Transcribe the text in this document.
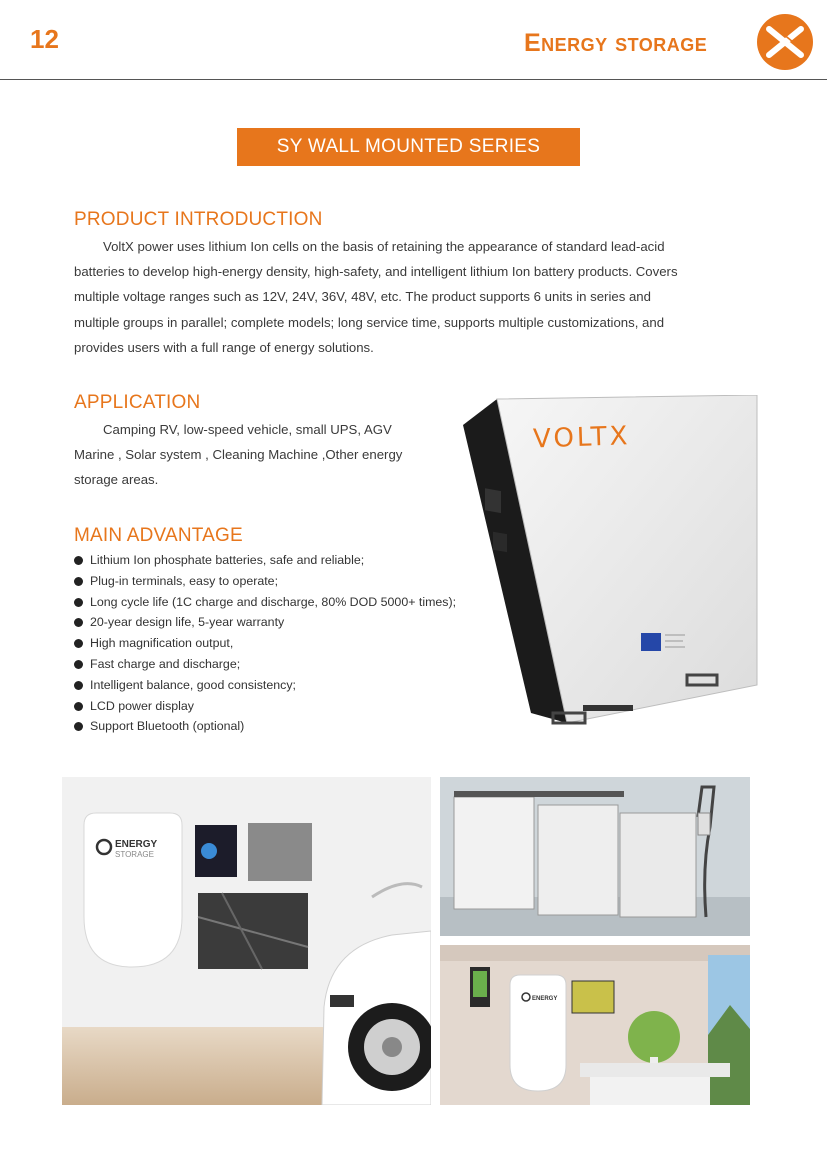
12	Energy storage
SY WALL MOUNTED SERIES
PRODUCT INTRODUCTION

VoltX power uses lithium Ion cells on the basis of retaining the appearance of standard lead-acid
batteries to develop high-energy density, high-safety, and intelligent lithium Ion battery products. Covers
multiple voltage ranges such as 12V, 24V, 36V, 48V, etc. The product supports 6 units in series and
multiple groups in parallel; complete models; long service time, supports multiple customizations, and
provides users with a full range of energy solutions.

APPLICATION

Camping RV, low-speed vehicle, small UPS, AGV
Marine , Solar system , Cleaning Machine ,Other energy
storage areas.

MAIN ADVANTAGE
Lithium Ion phosphate batteries, safe and reliable;
Plug-in terminals, easy to operate;
Long cycle life (1C charge and discharge, 80% DOD 5000+ times);
20-year design life, 5-year warranty
High magnification output,
Fast charge and discharge;
Intelligent balance, good consistency;
LCD power display
Support Bluetooth (optional)
VOLTX
ENERGY
STORAGE
ENERGY
